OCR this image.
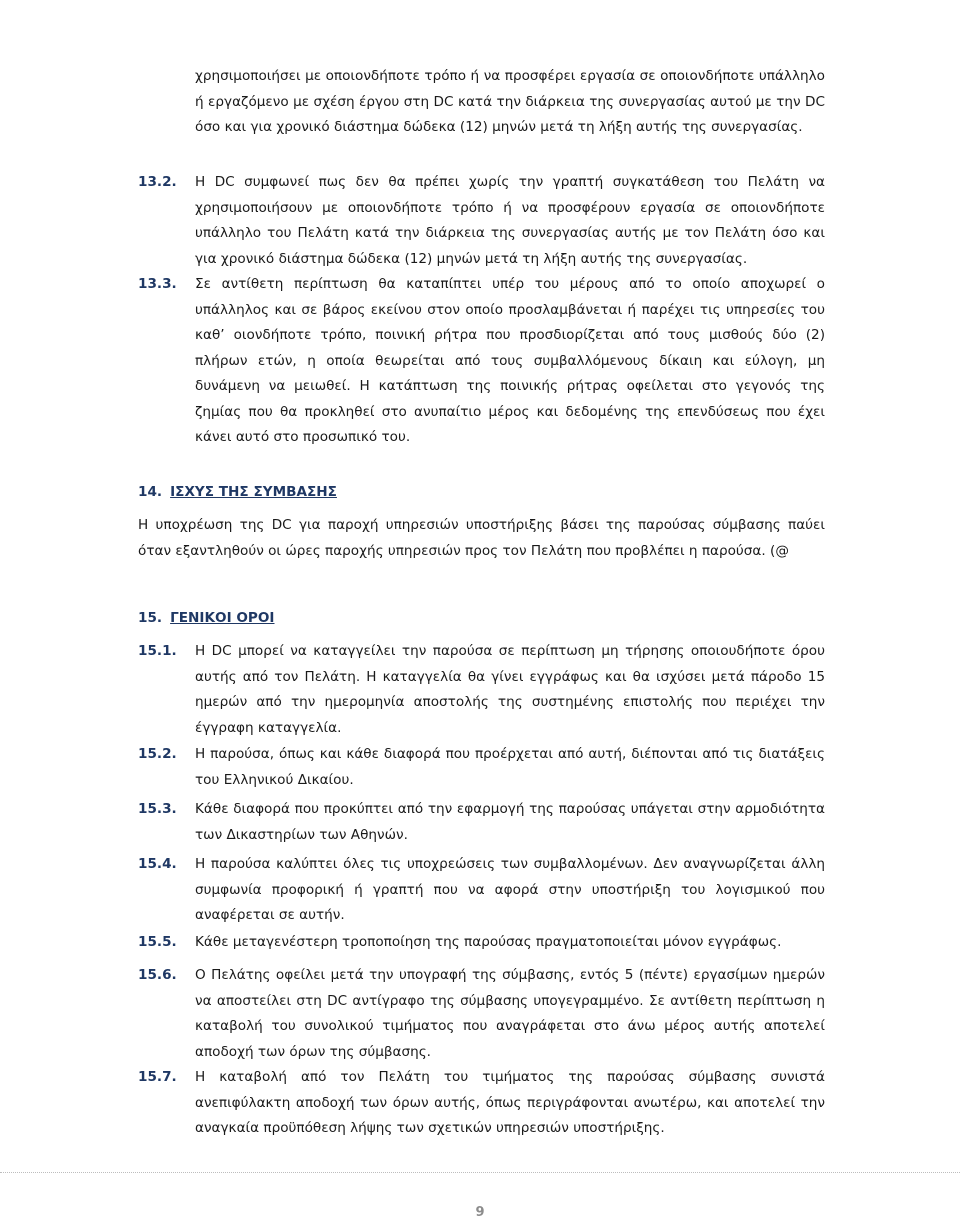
χρησιμοποιήσει με οποιονδήποτε τρόπο ή να προσφέρει εργασία σε οποιονδήποτε υπάλληλο ή εργαζόμενο με σχέση έργου στη DC κατά την διάρκεια της συνεργασίας αυτού με την DC όσο και για χρονικό διάστημα δώδεκα (12) μηνών μετά τη λήξη αυτής της συνεργασίας.
13.2. Η DC συμφωνεί πως δεν θα πρέπει χωρίς την γραπτή συγκατάθεση του Πελάτη να χρησιμοποιήσουν με οποιονδήποτε τρόπο ή να προσφέρουν εργασία σε οποιονδήποτε υπάλληλο του Πελάτη κατά την διάρκεια της συνεργασίας αυτής με τον Πελάτη όσο και για χρονικό διάστημα δώδεκα (12) μηνών μετά τη λήξη αυτής της συνεργασίας.
13.3. Σε αντίθετη περίπτωση θα καταπίπτει υπέρ του μέρους από το οποίο αποχωρεί ο υπάλληλος και σε βάρος εκείνου στον οποίο προσλαμβάνεται ή παρέχει τις υπηρεσίες του καθ’ οιονδήποτε τρόπο, ποινική ρήτρα που προσδιορίζεται από τους μισθούς δύο (2) πλήρων ετών, η οποία θεωρείται από τους συμβαλλόμενους δίκαιη και εύλογη, μη δυνάμενη να μειωθεί. Η κατάπτωση της ποινικής ρήτρας οφείλεται στο γεγονός της ζημίας που θα προκληθεί στο ανυπαίτιο μέρος και δεδομένης της επενδύσεως που έχει κάνει αυτό στο προσωπικό του.
14. ΙΣΧΥΣ ΤΗΣ ΣΥΜΒΑΣΗΣ
Η υποχρέωση της DC για παροχή υπηρεσιών υποστήριξης βάσει της παρούσας σύμβασης παύει όταν εξαντληθούν οι ώρες παροχής υπηρεσιών προς τον Πελάτη που προβλέπει η παρούσα. (@
15. ΓΕΝΙΚΟΙ ΟΡΟΙ
15.1. Η DC μπορεί να καταγγείλει την παρούσα σε περίπτωση μη τήρησης οποιουδήποτε όρου αυτής από τον Πελάτη. Η καταγγελία θα γίνει εγγράφως και θα ισχύσει μετά πάροδο 15 ημερών από την ημερομηνία αποστολής της συστημένης επιστολής που περιέχει την έγγραφη καταγγελία.
15.2. Η παρούσα, όπως και κάθε διαφορά που προέρχεται από αυτή, διέπονται από τις διατάξεις του Ελληνικού Δικαίου.
15.3. Κάθε διαφορά που προκύπτει από την εφαρμογή της παρούσας υπάγεται στην αρμοδιότητα των Δικαστηρίων των Αθηνών.
15.4. Η παρούσα καλύπτει όλες τις υποχρεώσεις των συμβαλλομένων. Δεν αναγνωρίζεται άλλη συμφωνία προφορική ή γραπτή που να αφορά στην υποστήριξη του λογισμικού που αναφέρεται σε αυτήν.
15.5. Κάθε μεταγενέστερη τροποποίηση της παρούσας πραγματοποιείται μόνον εγγράφως.
15.6. Ο Πελάτης οφείλει μετά την υπογραφή της σύμβασης, εντός 5 (πέντε) εργασίμων ημερών να αποστείλει στη DC αντίγραφο της σύμβασης υπογεγραμμένο. Σε αντίθετη περίπτωση η καταβολή του συνολικού τιμήματος που αναγράφεται στο άνω μέρος αυτής αποτελεί αποδοχή των όρων της σύμβασης.
15.7. Η καταβολή από τον Πελάτη του τιμήματος της παρούσας σύμβασης συνιστά ανεπιφύλακτη αποδοχή των όρων αυτής, όπως περιγράφονται ανωτέρω, και αποτελεί την αναγκαία προϋπόθεση λήψης των σχετικών υπηρεσιών υποστήριξης.
9
